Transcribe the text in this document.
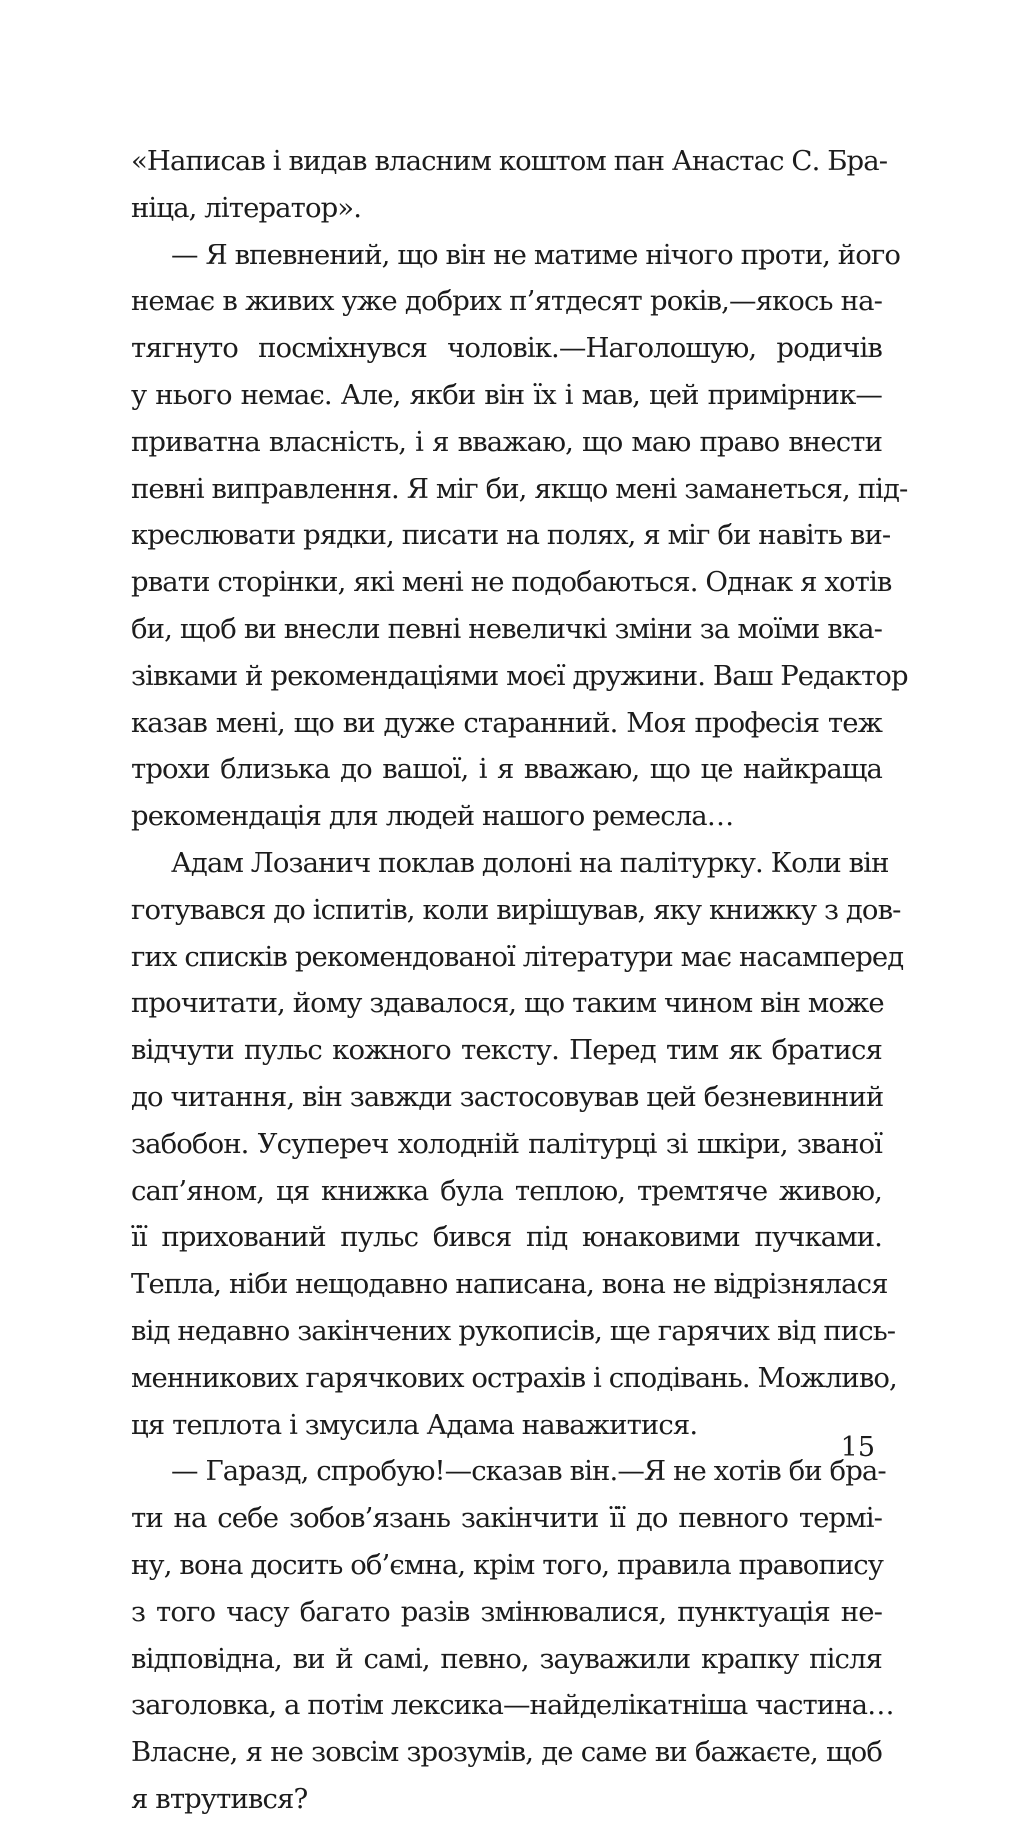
«Написав і видав власним коштом пан Анастас С. Бра-
ніца, літератор».
— Я впевнений, що він не матиме нічого проти, його
немає в живих уже добрих п’ятдесят років,—якось на-
тягнуто посміхнувся чоловік.—Наголошую, родичів
у нього немає. Але, якби він їх і мав, цей примірник—
приватна власність, і я вважаю, що маю право внести
певні виправлення. Я міг би, якщо мені заманеться, під-
креслювати рядки, писати на полях, я міг би навіть ви-
рвати сторінки, які мені не подобаються. Однак я хотів
би, щоб ви внесли певні невеличкі зміни за моїми вка-
зівками й рекомендаціями моєї дружини. Ваш Редактор
казав мені, що ви дуже старанний. Моя професія теж
трохи близька до вашої, і я вважаю, що це найкраща
рекомендація для людей нашого ремесла…
Адам Лозанич поклав долоні на палітурку. Коли він
готувався до іспитів, коли вирішував, яку книжку з дов-
гих списків рекомендованої літератури має насамперед
прочитати, йому здавалося, що таким чином він може
відчути пульс кожного тексту. Перед тим як братися
до читання, він завжди застосовував цей безневинний
забобон. Усупереч холодній палітурці зі шкіри, званої
сап’яном, ця книжка була теплою, тремтяче живою,
її прихований пульс бився під юнаковими пучками.
Тепла, ніби нещодавно написана, вона не відрізнялася
від недавно закінчених рукописів, ще гарячих від пись-
менникових гарячкових острахів і сподівань. Можливо,
ця теплота і змусила Адама наважитися.
— Гаразд, спробую!—сказав він.—Я не хотів би бра-
ти на себе зобов’язань закінчити її до певного термі-
ну, вона досить об’ємна, крім того, правила правопису
з того часу багато разів змінювалися, пунктуація не-
відповідна, ви й самі, певно, зауважили крапку після
заголовка, а потім лексика—найделікатніша частина…
Власне, я не зовсім зрозумів, де саме ви бажаєте, щоб
я втрутився?
15
